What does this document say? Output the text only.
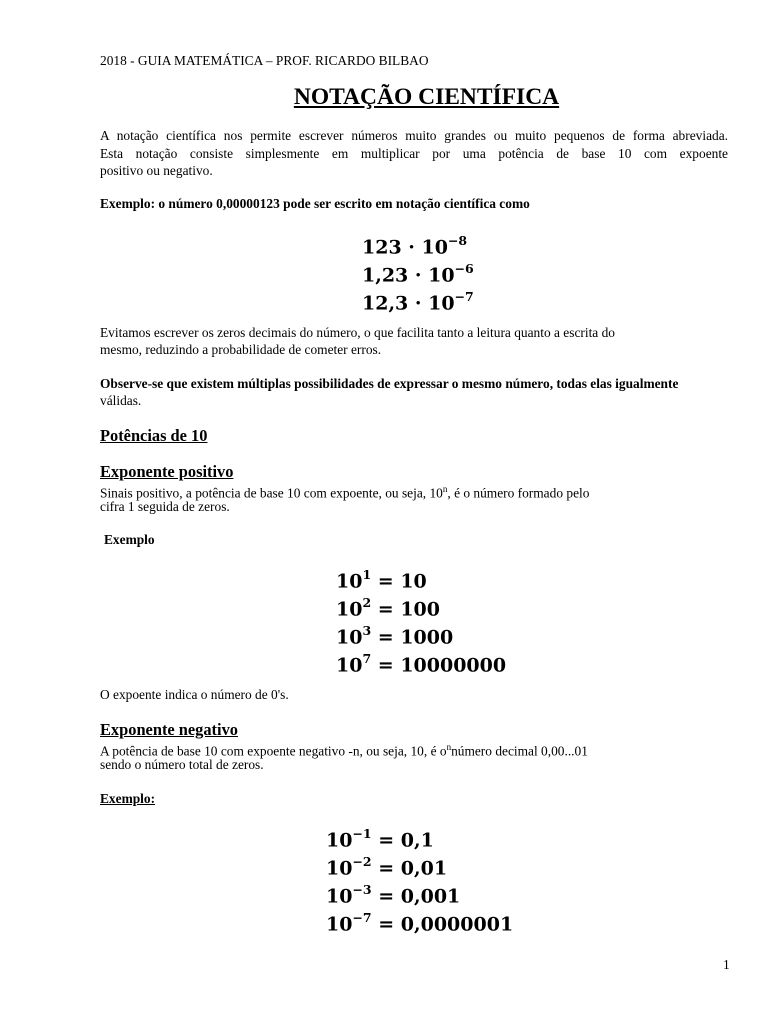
2018 - GUIA MATEMÁTICA – PROF. RICARDO BILBAO
NOTAÇÃO CIENTÍFICA
A notação científica nos permite escrever números muito grandes ou muito pequenos de forma abreviada.
Esta notação consiste simplesmente em multiplicar por uma potência de base 10 com expoente
positivo ou negativo.
Exemplo: o número 0,00000123 pode ser escrito em notação científica como
$123 \cdot 10^{-8}$
$1,23 \cdot 10^{-6}$
$12,3 \cdot 10^{-7}$
Evitamos escrever os zeros decimais do número, o que facilita tanto a leitura quanto a escrita do
mesmo, reduzindo a probabilidade de cometer erros.
Observe-se que existem múltiplas possibilidades de expressar o mesmo número, todas elas igualmente
válidas.
Potências de 10
Exponente positivo
Sinais positivo, a potência de base 10 com expoente, ou seja, 10$^n$, é o número formado pelo
cifra 1 seguida de zeros.
Exemplo
$10^1 = 10$
$10^2 = 100$
$10^3 = 1000$
$10^7 = 10000000$
O expoente indica o número de 0's.
Exponente negativo
A potência de base 10 com expoente negativo -n, ou seja, 10, é $o^nnúmero$ decimal 0,00...01
sendo o número total de zeros.
Exemplo:
$10^{-1} = 0,1$
$10^{-2} = 0,01$
$10^{-3} = 0,001$
$10^{-7} = 0,0000001$
1
